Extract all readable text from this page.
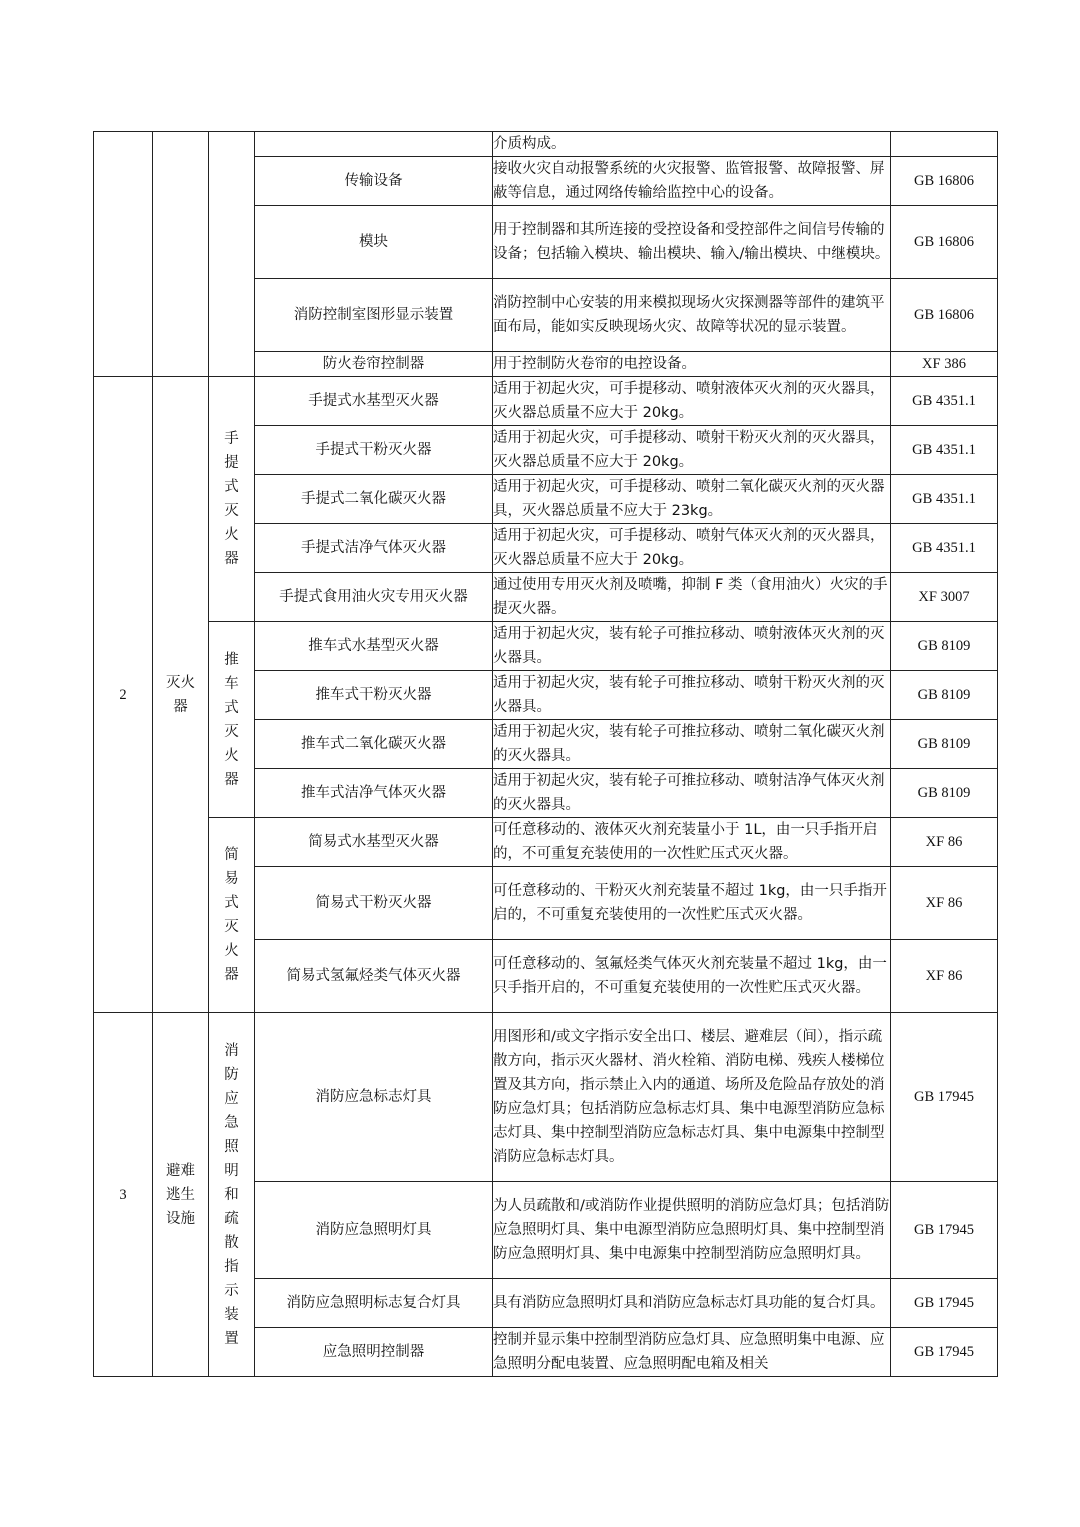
				介质构成。	
			传输设备	接收火灾自动报警系统的火灾报警、监管报警、故障报警、屏蔽等信息，通过网络传输给监控中心的设备。	GB 16806
			模块	用于控制器和其所连接的受控设备和受控部件之间信号传输的设备；包括输入模块、输出模块、输入/输出模块、中继模块。	GB 16806
			消防控制室图形显示装置	消防控制中心安装的用来模拟现场火灾探测器等部件的建筑平面布局，能如实反映现场火灾、故障等状况的显示装置。	GB 16806
			防火卷帘控制器	用于控制防火卷帘的电控设备。	XF 386
2	灭火器	手提式灭火器	手提式水基型灭火器	适用于初起火灾，可手提移动、喷射液体灭火剂的灭火器具，灭火器总质量不应大于 20kg。	GB 4351.1
			手提式干粉灭火器	适用于初起火灾，可手提移动、喷射干粉灭火剂的灭火器具，灭火器总质量不应大于 20kg。	GB 4351.1
			手提式二氧化碳灭火器	适用于初起火灾，可手提移动、喷射二氧化碳灭火剂的灭火器具，灭火器总质量不应大于 23kg。	GB 4351.1
			手提式洁净气体灭火器	适用于初起火灾，可手提移动、喷射气体灭火剂的灭火器具，灭火器总质量不应大于 20kg。	GB 4351.1
			手提式食用油火灾专用灭火器	通过使用专用灭火剂及喷嘴，抑制 F 类（食用油火）火灾的手提灭火器。	XF 3007
		推车式灭火器	推车式水基型灭火器	适用于初起火灾，装有轮子可推拉移动、喷射液体灭火剂的灭火器具。	GB 8109
			推车式干粉灭火器	适用于初起火灾，装有轮子可推拉移动、喷射干粉灭火剂的灭火器具。	GB 8109
			推车式二氧化碳灭火器	适用于初起火灾，装有轮子可推拉移动、喷射二氧化碳灭火剂的灭火器具。	GB 8109
			推车式洁净气体灭火器	适用于初起火灾，装有轮子可推拉移动、喷射洁净气体灭火剂的灭火器具。	GB 8109
		简易式灭火器	简易式水基型灭火器	可任意移动的、液体灭火剂充装量小于 1L，由一只手指开启的，不可重复充装使用的一次性贮压式灭火器。	XF 86
			简易式干粉灭火器	可任意移动的、干粉灭火剂充装量不超过 1kg，由一只手指开启的，不可重复充装使用的一次性贮压式灭火器。	XF 86
			简易式氢氟烃类气体灭火器	可任意移动的、氢氟烃类气体灭火剂充装量不超过 1kg，由一只手指开启的，不可重复充装使用的一次性贮压式灭火器。	XF 86
3	避难逃生设施	消防应急照明和疏散指示装置	消防应急标志灯具	用图形和/或文字指示安全出口、楼层、避难层（间），指示疏散方向，指示灭火器材、消火栓箱、消防电梯、残疾人楼梯位置及其方向，指示禁止入内的通道、场所及危险品存放处的消防应急灯具；包括消防应急标志灯具、集中电源型消防应急标志灯具、集中控制型消防应急标志灯具、集中电源集中控制型消防应急标志灯具。	GB 17945
			消防应急照明灯具	为人员疏散和/或消防作业提供照明的消防应急灯具；包括消防应急照明灯具、集中电源型消防应急照明灯具、集中控制型消防应急照明灯具、集中电源集中控制型消防应急照明灯具。	GB 17945
			消防应急照明标志复合灯具	具有消防应急照明灯具和消防应急标志灯具功能的复合灯具。	GB 17945
			应急照明控制器	控制并显示集中控制型消防应急灯具、应急照明集中电源、应急照明分配电装置、应急照明配电箱及相关	GB 17945
